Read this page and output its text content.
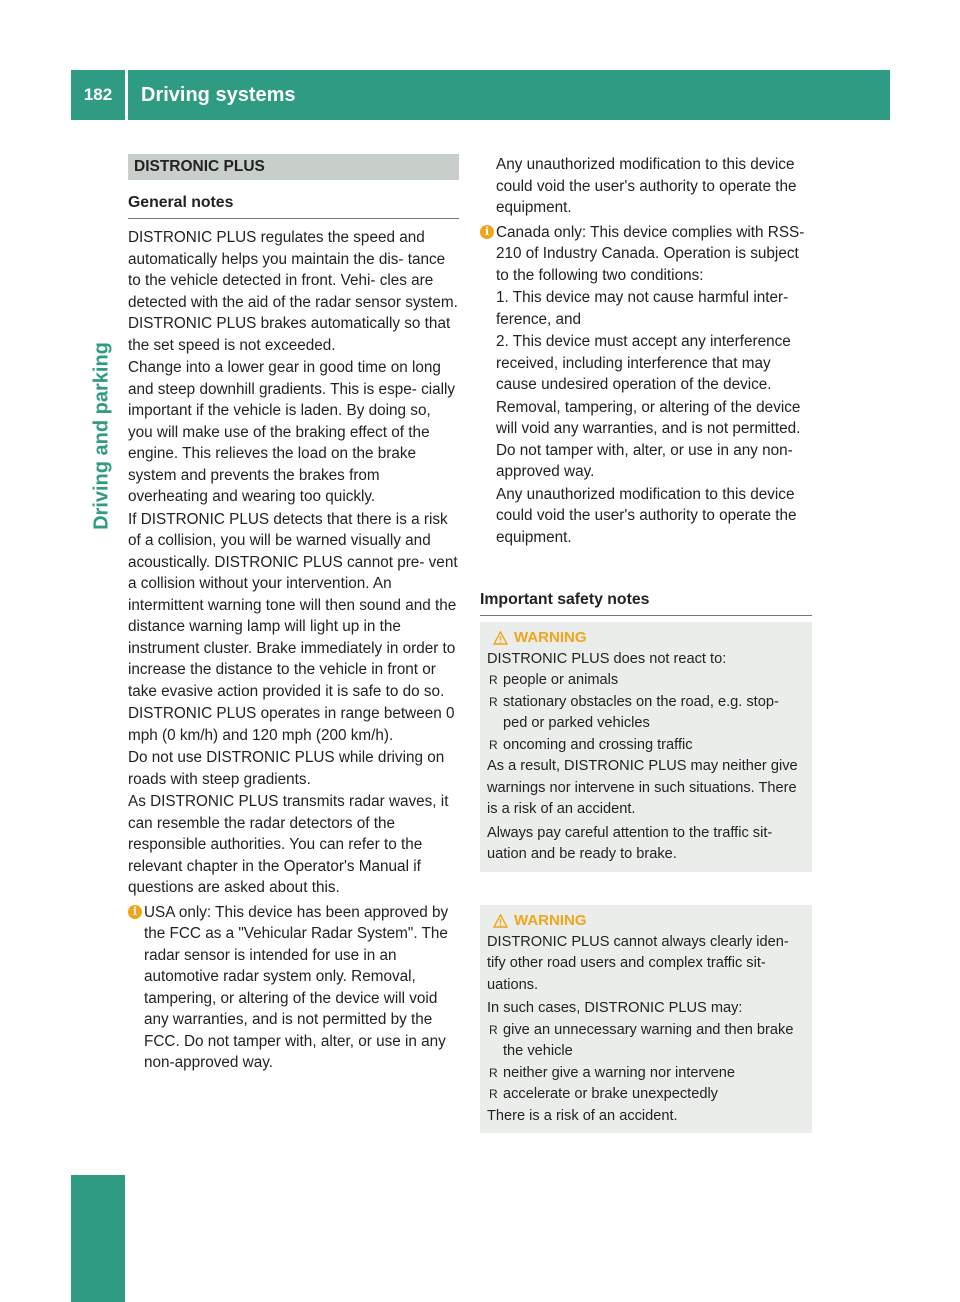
182	Driving systems
Driving and parking
DISTRONIC PLUS
General notes

DISTRONIC PLUS regulates the speed and automatically helps you maintain the dis- tance to the vehicle detected in front. Vehi- cles are detected with the aid of the radar sensor system. DISTRONIC PLUS brakes automatically so that the set speed is not exceeded.

Change into a lower gear in good time on long and steep downhill gradients. This is espe- cially important if the vehicle is laden. By doing so, you will make use of the braking effect of the engine. This relieves the load on the brake system and prevents the brakes from overheating and wearing too quickly.

If DISTRONIC PLUS detects that there is a risk of a collision, you will be warned visually and acoustically. DISTRONIC PLUS cannot pre- vent a collision without your intervention. An intermittent warning tone will then sound and the distance warning lamp will light up in the instrument cluster. Brake immediately in order to increase the distance to the vehicle in front or take evasive action provided it is safe to do so.

DISTRONIC PLUS operates in range between 0 mph (0 km/h) and 120 mph (200 km/h).

Do not use DISTRONIC PLUS while driving on roads with steep gradients.

As DISTRONIC PLUS transmits radar waves, it can resemble the radar detectors of the responsible authorities. You can refer to the relevant chapter in the Operator's Manual if questions are asked about this.

i USA only: This device has been approved by the FCC as a "Vehicular Radar System". The radar sensor is intended for use in an automotive radar system only. Removal, tampering, or altering of the device will void any warranties, and is not permitted by the FCC. Do not tamper with, alter, or use in any non-approved way.

Any unauthorized modification to this device could void the user's authority to operate the equipment.

i Canada only: This device complies with RSS-210 of Industry Canada. Operation is subject to the following two conditions:

1. This device may not cause harmful inter- ference, and

2. This device must accept any interference received, including interference that may cause undesired operation of the device.

Removal, tampering, or altering of the device will void any warranties, and is not permitted. Do not tamper with, alter, or use in any non-approved way.

Any unauthorized modification to this device could void the user's authority to operate the equipment.

Important safety notes
WARNING

DISTRONIC PLUS does not react to:

R people or animals
R stationary obstacles on the road, e.g. stop- ped or parked vehicles
R oncoming and crossing traffic

As a result, DISTRONIC PLUS may neither give warnings nor intervene in such situations. There is a risk of an accident.

Always pay careful attention to the traffic sit- uation and be ready to brake.

WARNING

DISTRONIC PLUS cannot always clearly iden- tify other road users and complex traffic sit- uations.

In such cases, DISTRONIC PLUS may:

R give an unnecessary warning and then brake the vehicle
R neither give a warning nor intervene
R accelerate or brake unexpectedly

There is a risk of an accident.
